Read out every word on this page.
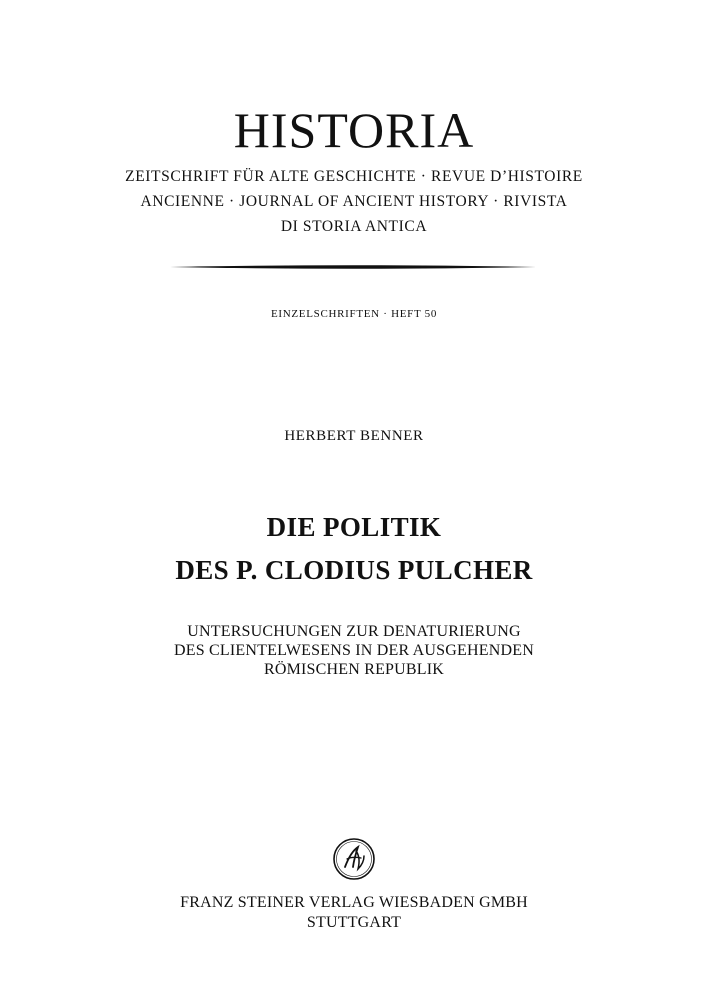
HISTORIA
ZEITSCHRIFT FÜR ALTE GESCHICHTE · REVUE D’HISTOIRE
ANCIENNE · JOURNAL OF ANCIENT HISTORY · RIVISTA
DI STORIA ANTICA
EINZELSCHRIFTEN · HEFT 50
HERBERT BENNER
DIE POLITIK
DES P. CLODIUS PULCHER
UNTERSUCHUNGEN ZUR DENATURIERUNG
DES CLIENTELWESENS IN DER AUSGEHENDEN
RÖMISCHEN REPUBLIK
FRANZ STEINER VERLAG WIESBADEN GMBH
STUTTGART
